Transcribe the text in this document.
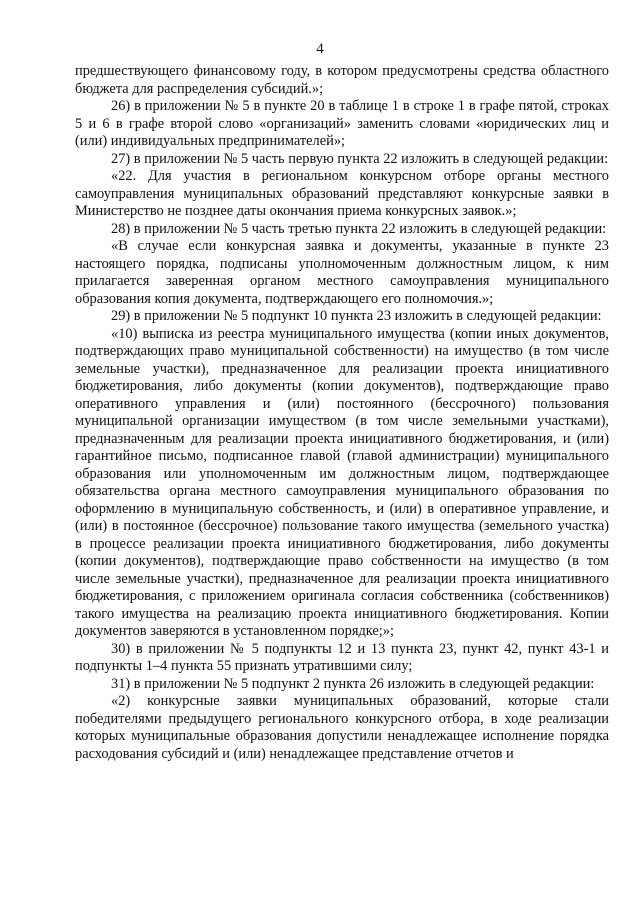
4

предшествующего финансовому году, в котором предусмотрены средства областного бюджета для распределения субсидий.»;

26) в приложении № 5 в пункте 20 в таблице 1 в строке 1 в графе пятой, строках 5 и 6 в графе второй слово «организаций» заменить словами «юридических лиц и (или) индивидуальных предпринимателей»;

27) в приложении № 5 часть первую пункта 22 изложить в следующей редакции:

«22. Для участия в региональном конкурсном отборе органы местного самоуправления муниципальных образований представляют конкурсные заявки в Министерство не позднее даты окончания приема конкурсных заявок.»;

28) в приложении № 5 часть третью пункта 22 изложить в следующей редакции:

«В случае если конкурсная заявка и документы, указанные в пункте 23 настоящего порядка, подписаны уполномоченным должностным лицом, к ним прилагается заверенная органом местного самоуправления муниципального образования копия документа, подтверждающего его полномочия.»;

29) в приложении № 5 подпункт 10 пункта 23 изложить в следующей редакции:

«10) выписка из реестра муниципального имущества (копии иных документов, подтверждающих право муниципальной собственности) на имущество (в том числе земельные участки), предназначенное для реализации проекта инициативного бюджетирования, либо документы (копии документов), подтверждающие право оперативного управления и (или) постоянного (бессрочного) пользования муниципальной организации имуществом (в том числе земельными участками), предназначенным для реализации проекта инициативного бюджетирования, и (или) гарантийное письмо, подписанное главой (главой администрации) муниципального образования или уполномоченным им должностным лицом, подтверждающее обязательства органа местного самоуправления муниципального образования по оформлению в муниципальную собственность, и (или) в оперативное управление, и (или) в постоянное (бессрочное) пользование такого имущества (земельного участка) в процессе реализации проекта инициативного бюджетирования, либо документы (копии документов), подтверждающие право собственности на имущество (в том числе земельные участки), предназначенное для реализации проекта инициативного бюджетирования, с приложением оригинала согласия собственника (собственников) такого имущества на реализацию проекта инициативного бюджетирования. Копии документов заверяются в установленном порядке;»;

30) в приложении № 5 подпункты 12 и 13 пункта 23, пункт 42, пункт 43-1 и подпункты 1–4 пункта 55 признать утратившими силу;

31) в приложении № 5 подпункт 2 пункта 26 изложить в следующей редакции:

«2) конкурсные заявки муниципальных образований, которые стали победителями предыдущего регионального конкурсного отбора, в ходе реализации которых муниципальные образования допустили ненадлежащее исполнение порядка расходования субсидий и (или) ненадлежащее представление отчетов и
